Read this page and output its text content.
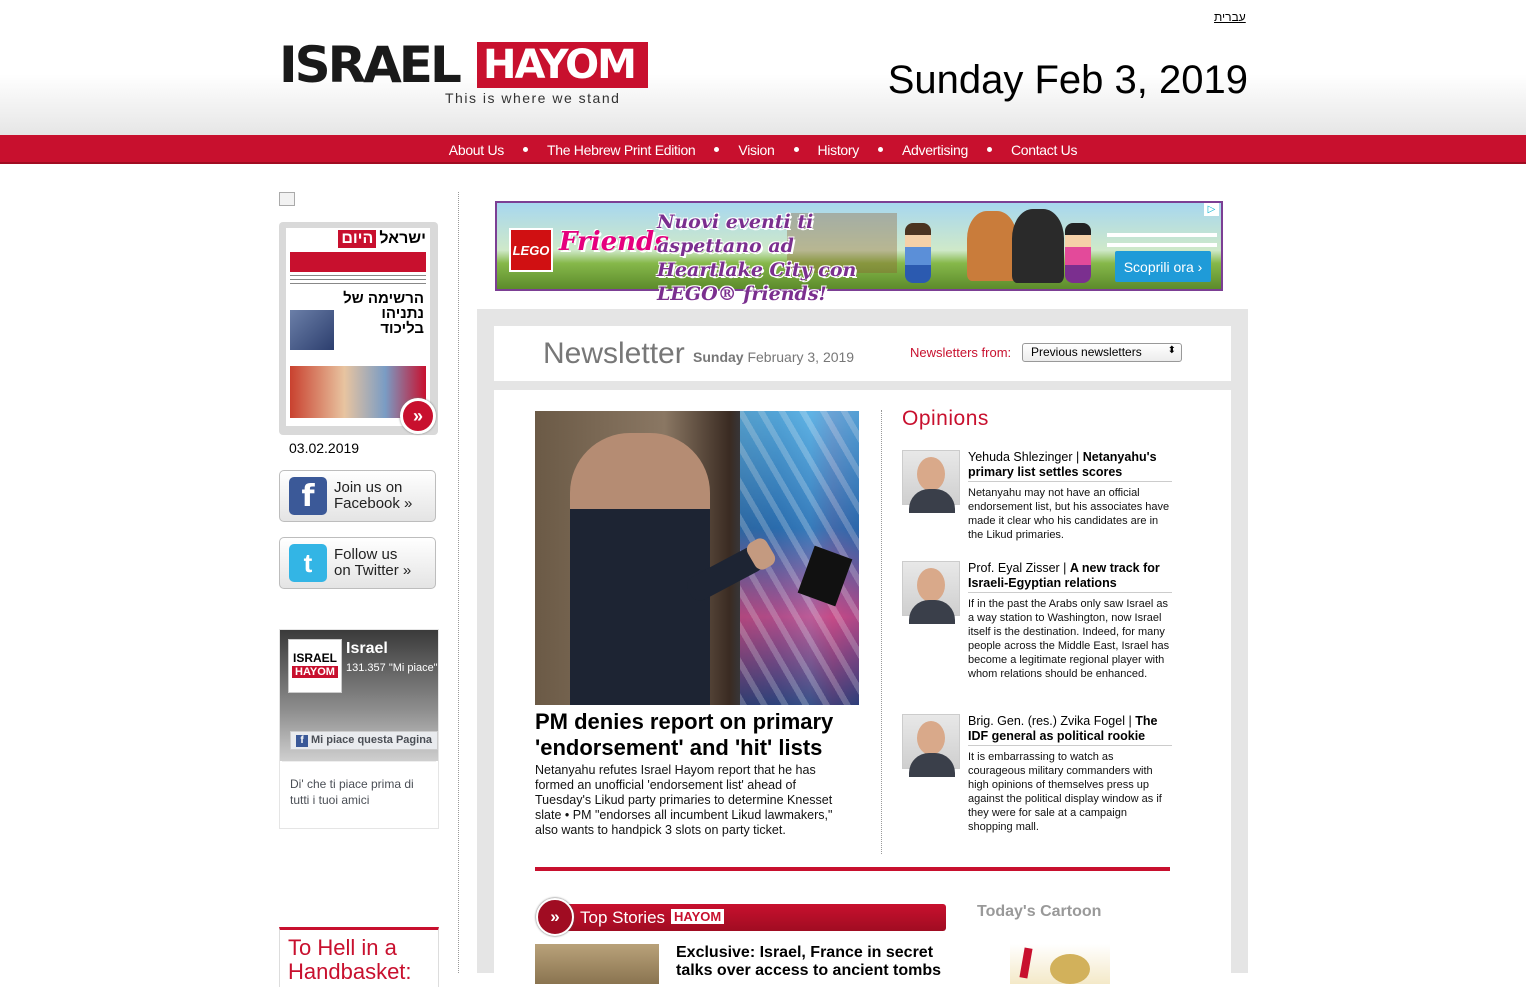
עברית
ISRAEL HAYOM
This is where we stand	Sunday Feb 3, 2019
About Us	The Hebrew Print Edition	Vision	History	Advertising	Contact Us
היום ישראל
הרשימה של נתניהו בליכוד
»
03.02.2019
f	Join us on
Facebook »
t	Follow us
on Twitter »
ISRAEL
HAYOM
Israel
131.357 "Mi piace"
f Mi piace questa Pagina
Di' che ti piace prima di tutti i tuoi amici
To Hell in a Handbasket:
LEGO Friends
Nuovi eventi ti aspettano ad Heartlake City con LEGO® friends!
Scoprili ora ›
▷
Newsletter Sunday February 3, 2019	Newsletters from:	Previous newsletters	⬍
PM denies report on primary 'endorsement' and 'hit' lists
Netanyahu refutes Israel Hayom report that he has formed an unofficial 'endorsement list' ahead of Tuesday's Likud party primaries to determine Knesset slate • PM "endorses all incumbent Likud lawmakers," also wants to handpick 3 slots on party ticket.
Opinions
Yehuda Shlezinger | Netanyahu's primary list settles scores
Netanyahu may not have an official endorsement list, but his associates have made it clear who his candidates are in the Likud primaries.
Prof. Eyal Zisser | A new track for Israeli-Egyptian relations
If in the past the Arabs only saw Israel as a way station to Washington, now Israel itself is the destination. Indeed, for many people across the Middle East, Israel has become a legitimate regional player with whom relations should be enhanced.
Brig. Gen. (res.) Zvika Fogel | The IDF general as political rookie
It is embarrassing to watch as courageous military commanders with high opinions of themselves press up against the political display window as if they were for sale at a campaign shopping mall.
»	Top Stories HAYOM
Exclusive: Israel, France in secret talks over access to ancient tombs
Today's Cartoon
